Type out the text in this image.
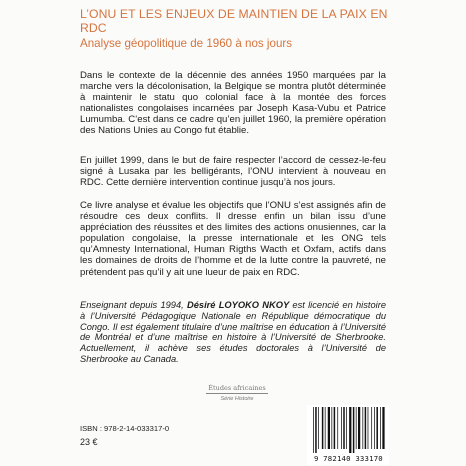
L’ONU ET LES ENJEUX DE MAINTIEN DE LA PAIX EN RDC

Analyse géopolitique de 1960 à nos jours

Dans le contexte de la décennie des années 1950 marquées par la marche vers la décolonisation, la Belgique se montra plutôt déterminée à maintenir le statu quo colonial face à la montée des forces nationalistes congolaises incarnées par Joseph Kasa-Vubu et Patrice Lumumba. C’est dans ce cadre qu’en juillet 1960, la première opération des Nations Unies au Congo fut établie.

En juillet 1999, dans le but de faire respecter l’accord de cessez-le-feu signé à Lusaka par les belligérants, l’ONU intervient à nouveau en RDC. Cette dernière intervention continue jusqu’à nos jours.

Ce livre analyse et évalue les objectifs que l’ONU s’est assignés afin de résoudre ces deux conflits. Il dresse enfin un bilan issu d’une appréciation des réussites et des limites des actions onusiennes, car la population congolaise, la presse internationale et les ONG tels qu’Amnesty International, Human Rigths Wacth et Oxfam, actifs dans les domaines de droits de l’homme et de la lutte contre la pauvreté, ne prétendent pas qu’il y ait une lueur de paix en RDC.

Enseignant depuis 1994, Désiré LOYOKO NKOY est licencié en histoire à l’Université Pédagogique Nationale en République démocratique du Congo. Il est également titulaire d’une maîtrise en éducation à l’Université de Montréal et d’une maîtrise en histoire à l’Université de Sherbrooke. Actuellement, il achève ses études doctorales à l’Université de Sherbrooke au Canada.

Études africaines
Série Histoire
ISBN : 978-2-14-033317-0
23 €
9 782140 333170
